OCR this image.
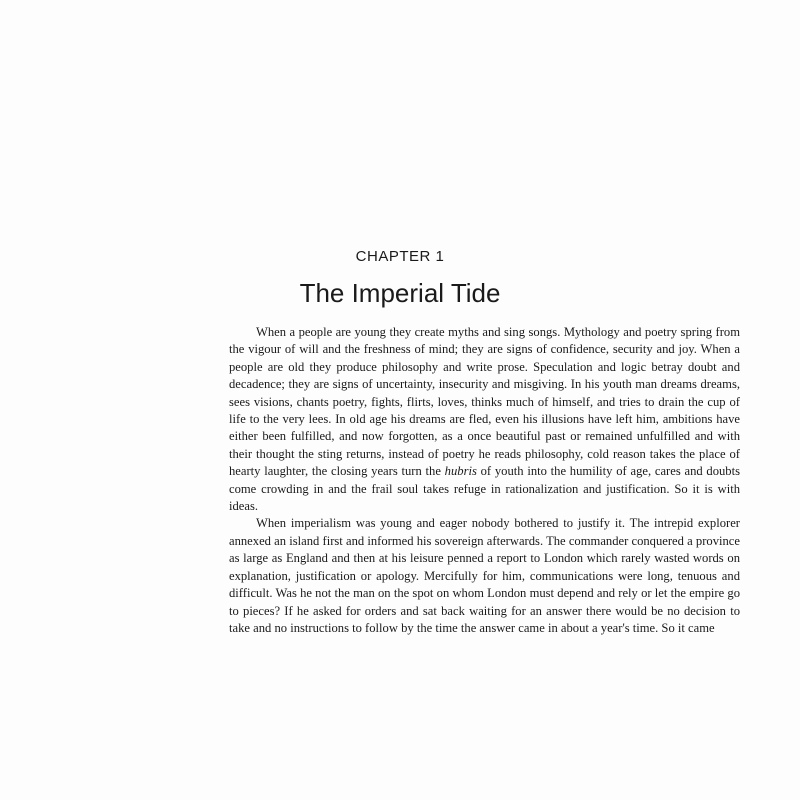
CHAPTER 1
The Imperial Tide

When a people are young they create myths and sing songs. Mythology and poetry spring from the vigour of will and the freshness of mind; they are signs of confidence, security and joy. When a people are old they produce philosophy and write prose. Speculation and logic betray doubt and decadence; they are signs of uncertainty, insecurity and misgiving. In his youth man dreams dreams, sees visions, chants poetry, fights, flirts, loves, thinks much of himself, and tries to drain the cup of life to the very lees. In old age his dreams are fled, even his illusions have left him, ambitions have either been fulfilled, and now forgotten, as a once beautiful past or remained unfulfilled and with their thought the sting returns, instead of poetry he reads philosophy, cold reason takes the place of hearty laughter, the closing years turn the hubris of youth into the humility of age, cares and doubts come crowding in and the frail soul takes refuge in rationalization and justification. So it is with ideas.

When imperialism was young and eager nobody bothered to justify it. The intrepid explorer annexed an island first and informed his sovereign afterwards. The commander conquered a province as large as England and then at his leisure penned a report to London which rarely wasted words on explanation, justification or apology. Mercifully for him, communications were long, tenuous and difficult. Was he not the man on the spot on whom London must depend and rely or let the empire go to pieces? If he asked for orders and sat back waiting for an answer there would be no decision to take and no instructions to follow by the time the answer came in about a year's time. So it came
